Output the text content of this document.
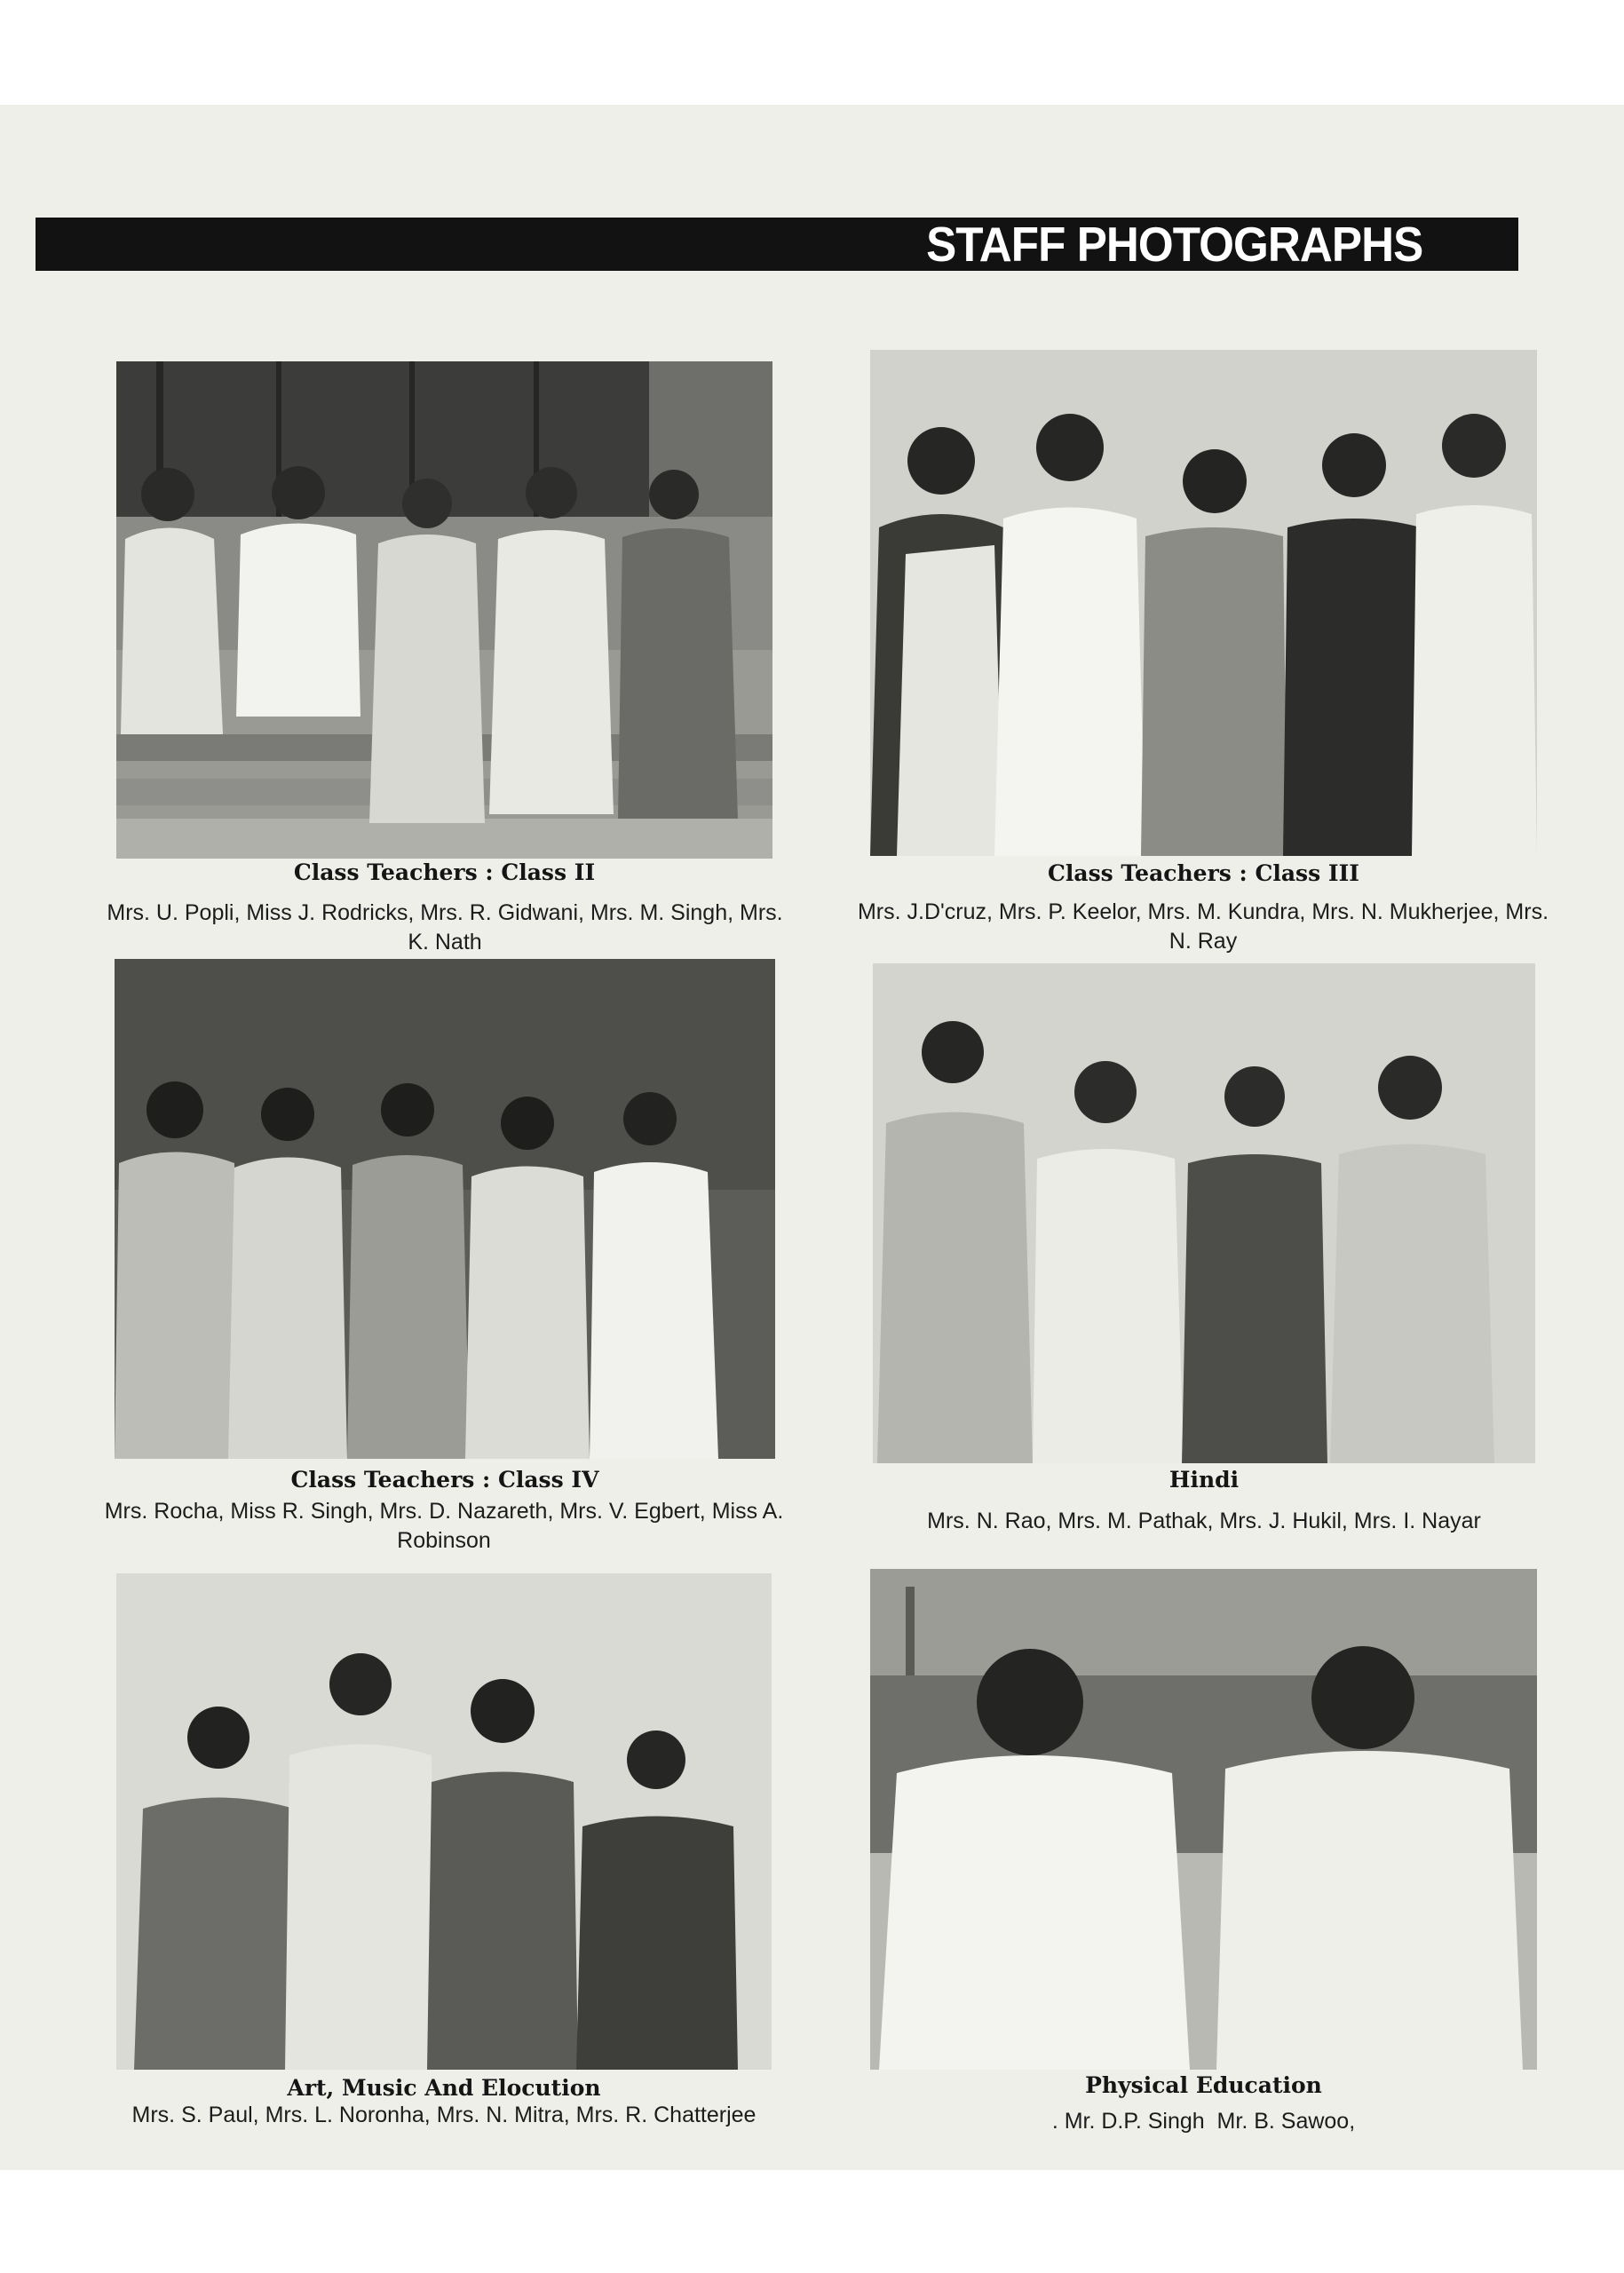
STAFF PHOTOGRAPHS
Class Teachers : Class II
Mrs. U. Popli, Miss J. Rodricks, Mrs. R. Gidwani, Mrs. M. Singh, Mrs. K. Nath
Class Teachers : Class III
Mrs. J.D'cruz, Mrs. P. Keelor, Mrs. M. Kundra, Mrs. N. Mukherjee, Mrs. N. Ray
Class Teachers : Class IV
Mrs. Rocha, Miss R. Singh, Mrs. D. Nazareth, Mrs. V. Egbert, Miss A. Robinson
Hindi
Mrs. N. Rao, Mrs. M. Pathak, Mrs. J. Hukil, Mrs. I. Nayar
Art, Music And Elocution
Mrs. S. Paul, Mrs. L. Noronha, Mrs. N. Mitra, Mrs. R. Chatterjee
Physical Education
. Mr. D.P. Singh  Mr. B. Sawoo,
